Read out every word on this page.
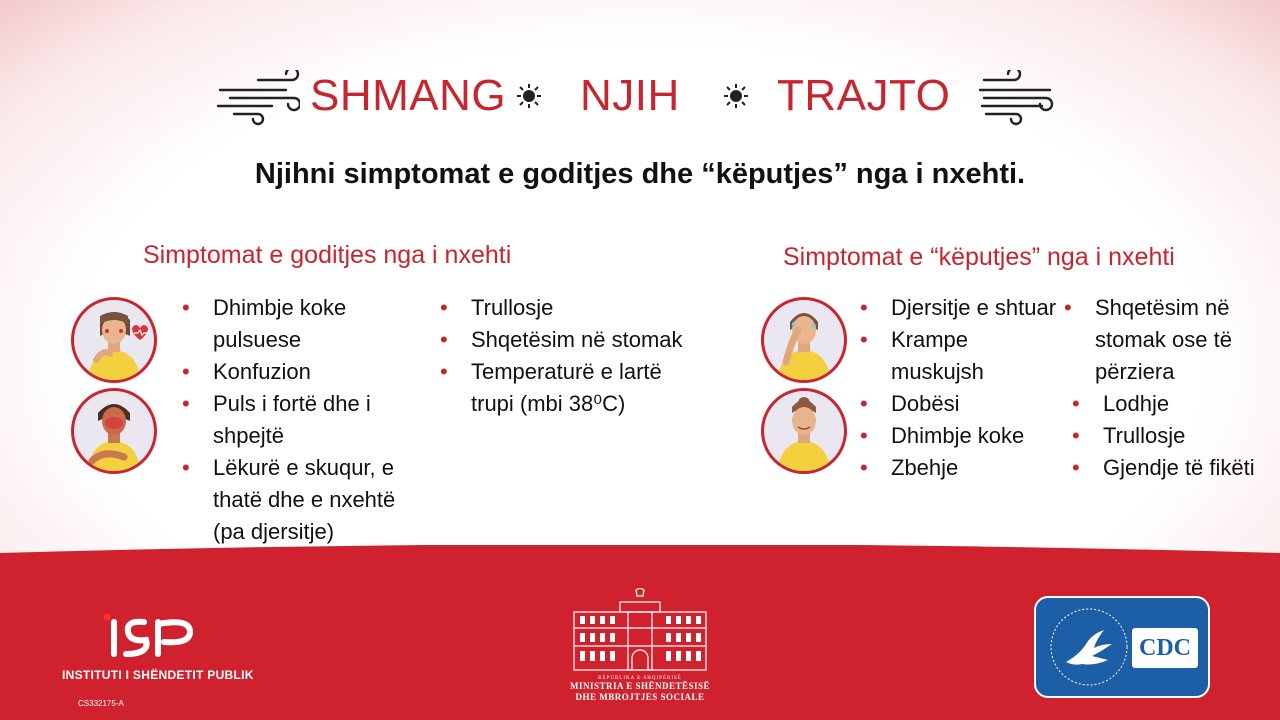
SHMANG NJIH TRAJTO
Njihni simptomat e goditjes dhe “këputjes” nga i nxehti.
Simptomat e goditjes nga i nxehti
• Dhimbje koke pulsuese
• Konfuzion
• Puls i fortë dhe i shpejtë
• Lëkurë e skuqur, e thatë dhe e nxehtë (pa djersitje)
• Trullosje
• Shqetësim në stomak
• Temperaturë e lartë trupi (mbi 38⁰C)
Simptomat e “këputjes” nga i nxehti
• Djersitje e shtuar
• Krampe muskujsh
• Dobësi
• Dhimbje koke
• Zbehje
• Shqetësim në stomak ose të përziera
• Lodhje
• Trullosje
• Gjendje të fikëti
INSTITUTI I SHËNDETIT PUBLIK
CS332175-A
REPUBLIKA E SHQIPËRISË
MINISTRIA E SHËNDETËSISË
DHE MBROJTJES SOCIALE
CDC
